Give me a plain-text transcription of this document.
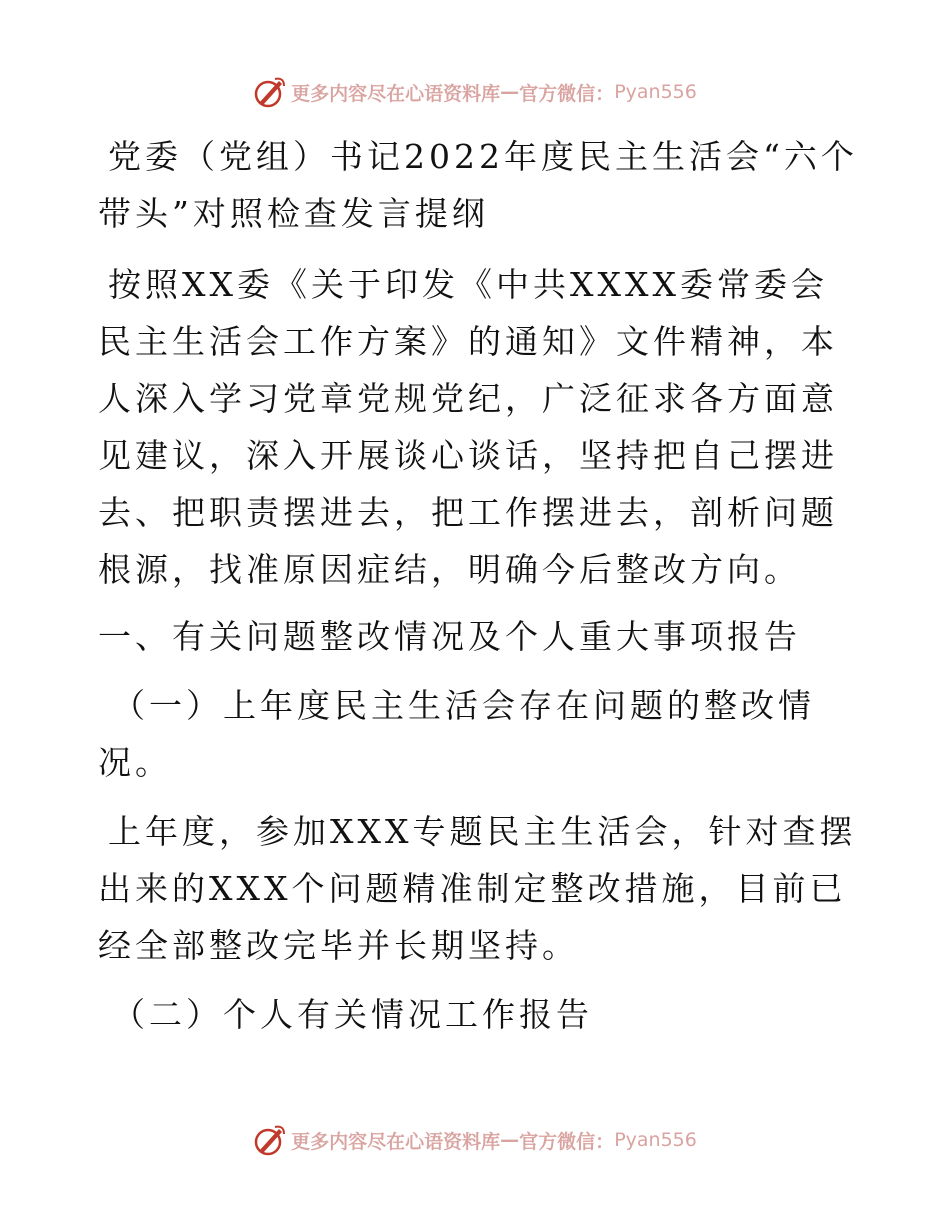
更多内容尽在心语资料库 — 官方微信： Pyan556

党委（党组）书记2022年度民主生活会“六个带头”对照检查发言提纲

按照XX委《关于印发《中共XXXX委常委会民主生活会工作方案》的通知》文件精神，本人深入学习党章党规党纪，广泛征求各方面意见建议，深入开展谈心谈话，坚持把自己摆进去、把职责摆进去，把工作摆进去，剖析问题根源，找准原因症结，明确今后整改方向。

一、有关问题整改情况及个人重大事项报告

（一）上年度民主生活会存在问题的整改情况。

上年度，参加XXX专题民主生活会，针对查摆出来的XXX个问题精准制定整改措施，目前已经全部整改完毕并长期坚持。

（二）个人有关情况工作报告

更多内容尽在心语资料库 — 官方微信： Pyan556
